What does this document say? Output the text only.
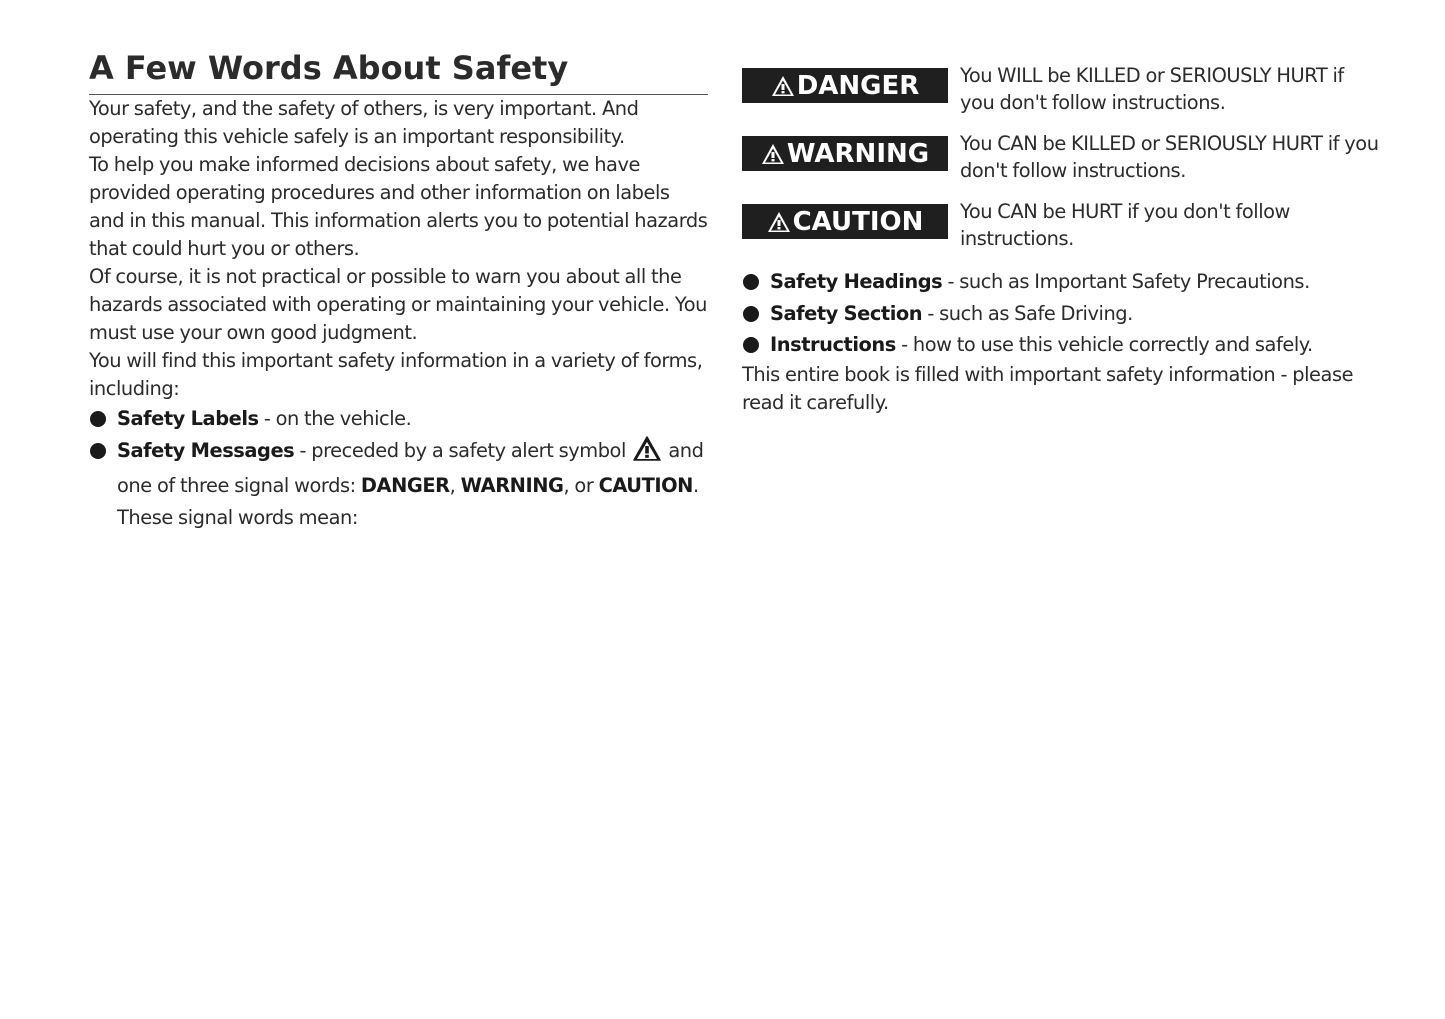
A Few Words About Safety

Your safety, and the safety of others, is very important. And operating this vehicle safely is an important responsibility.

To help you make informed decisions about safety, we have provided operating procedures and other information on labels and in this manual. This information alerts you to potential hazards that could hurt you or others.

Of course, it is not practical or possible to warn you about all the hazards associated with operating or maintaining your vehicle. You must use your own good judgment.

You will find this important safety information in a variety of forms, including:

Safety Labels - on the vehicle.
Safety Messages - preceded by a safety alert symbol  and one of three signal words: DANGER, WARNING, or CAUTION. These signal words mean:
DANGER You WILL be KILLED or SERIOUSLY HURT if you don't follow instructions.
WARNING You CAN be KILLED or SERIOUSLY HURT if you don't follow instructions.
CAUTION You CAN be HURT if you don't follow instructions.
Safety Headings - such as Important Safety Precautions.
Safety Section - such as Safe Driving.
Instructions - how to use this vehicle correctly and safely.

This entire book is filled with important safety information - please read it carefully.
